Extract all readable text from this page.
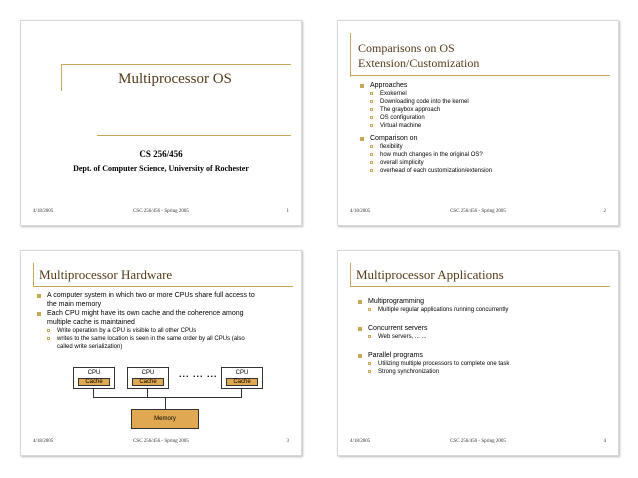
Multiprocessor OS
CS 256/456
Dept. of Computer Science, University of Rochester
4/18/2005	CSC 256/456 - Spring 2005	1
Comparisons on OS
Extension/Customization
Approaches
Exokernel
Downloading code into the kernel
The graybox approach
OS configuration
Virtual machine
Comparison on
flexibility
how much changes in the original OS?
overall simplicity
overhead of each customization/extension
4/18/2005	CSC 256/456 - Spring 2005	2
Multiprocessor Hardware
A computer system in which two or more CPUs share full access to the main memory
Each CPU might have its own cache and the coherence among multiple cache is maintained
Write operation by a CPU is visible to all other CPUs
writes to the same location is seen in the same order by all CPUs (also called write serialization)
CPU
Cache
CPU
Cache
... ... ...	CPU
Cache
Memory
4/18/2005	CSC 256/456 - Spring 2005	3
Multiprocessor Applications
Multiprogramming
Multiple regular applications running concurrently
Concurrent servers
Web servers, ... ...
Parallel programs
Utilizing multiple processors to complete one task
Strong synchronization
4/18/2005	CSC 256/456 - Spring 2005	4
